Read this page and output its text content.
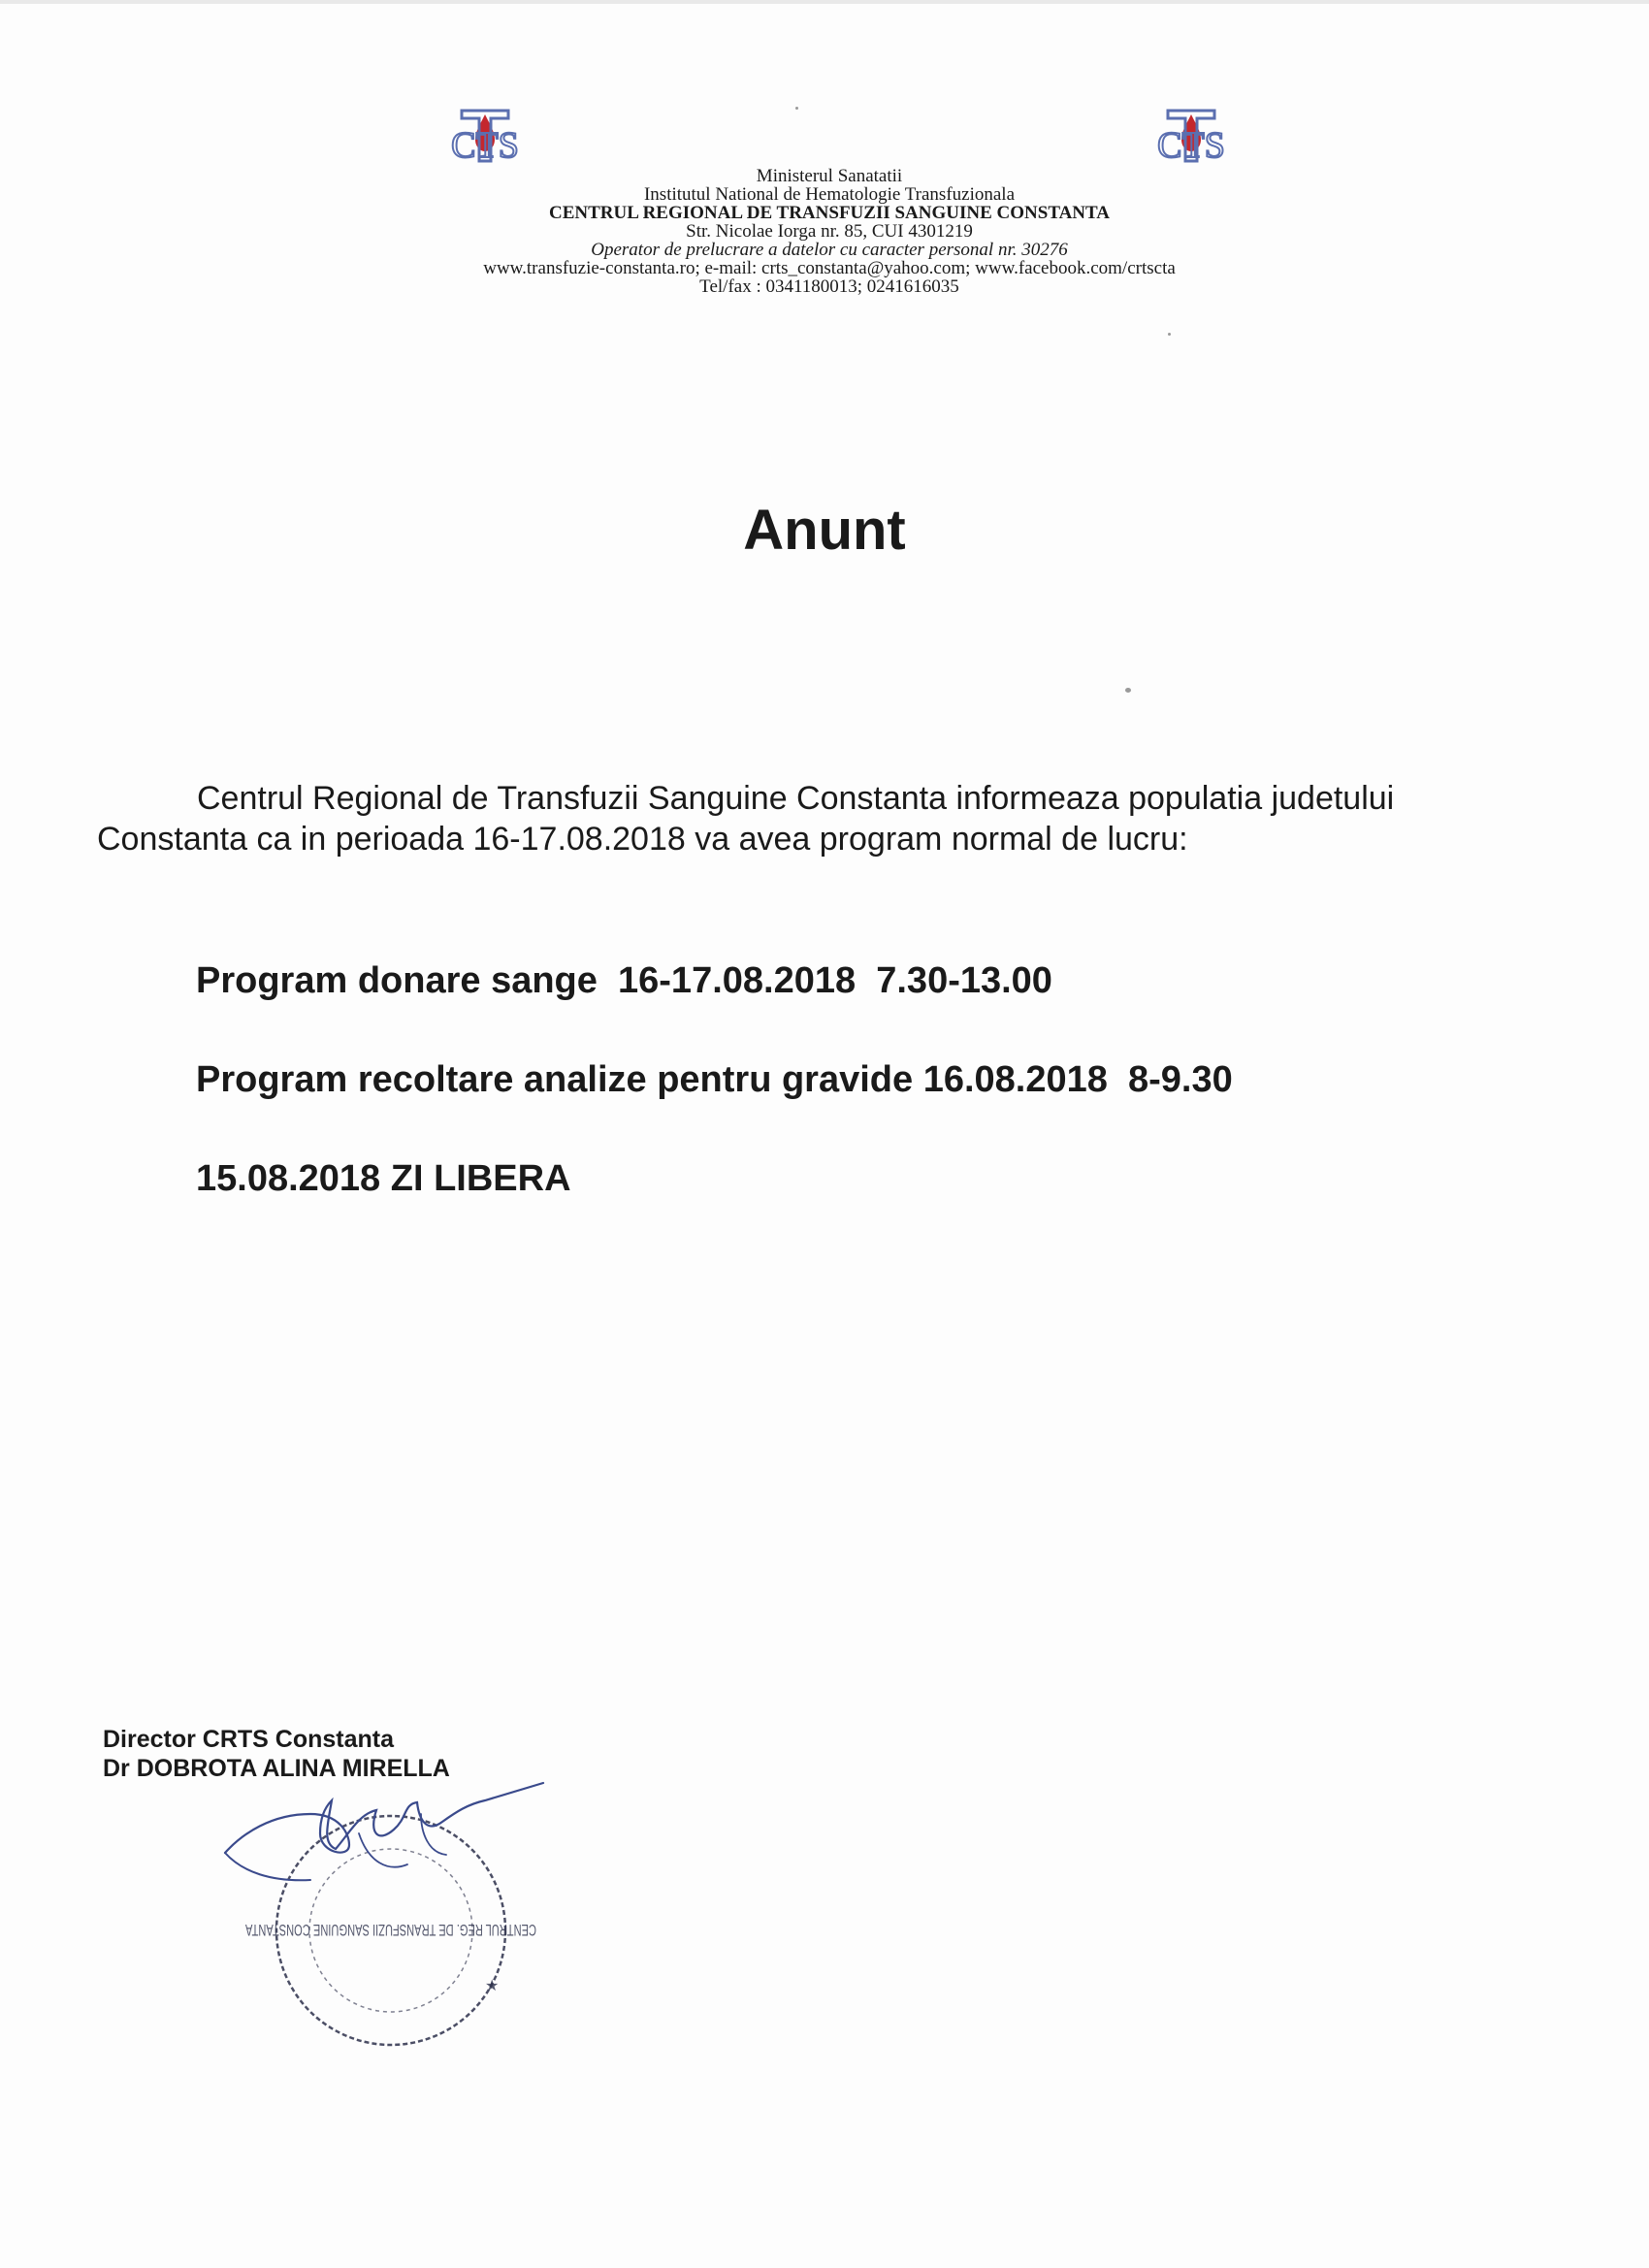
CTS	CTS
Ministerul Sanatatii
Institutul National de Hematologie Transfuzionala
CENTRUL REGIONAL DE TRANSFUZII SANGUINE CONSTANTA
Str. Nicolae Iorga nr. 85, CUI 4301219
Operator de prelucrare a datelor cu caracter personal nr. 30276
www.transfuzie-constanta.ro; e-mail: crts_constanta@yahoo.com; www.facebook.com/crtscta
Tel/fax : 0341180013; 0241616035
Anunt
Centrul Regional de Transfuzii Sanguine Constanta informeaza populatia judetului
Constanta ca in perioada 16-17.08.2018 va avea program normal de lucru:
Program donare sange  16-17.08.2018  7.30-13.00
Program recoltare analize pentru gravide 16.08.2018  8-9.30
15.08.2018 ZI LIBERA
Director CRTS Constanta
Dr DOBROTA ALINA MIRELLA
CENTRUL REG. DE TRANSFUZII SANGUINE CONSTANTA
★
